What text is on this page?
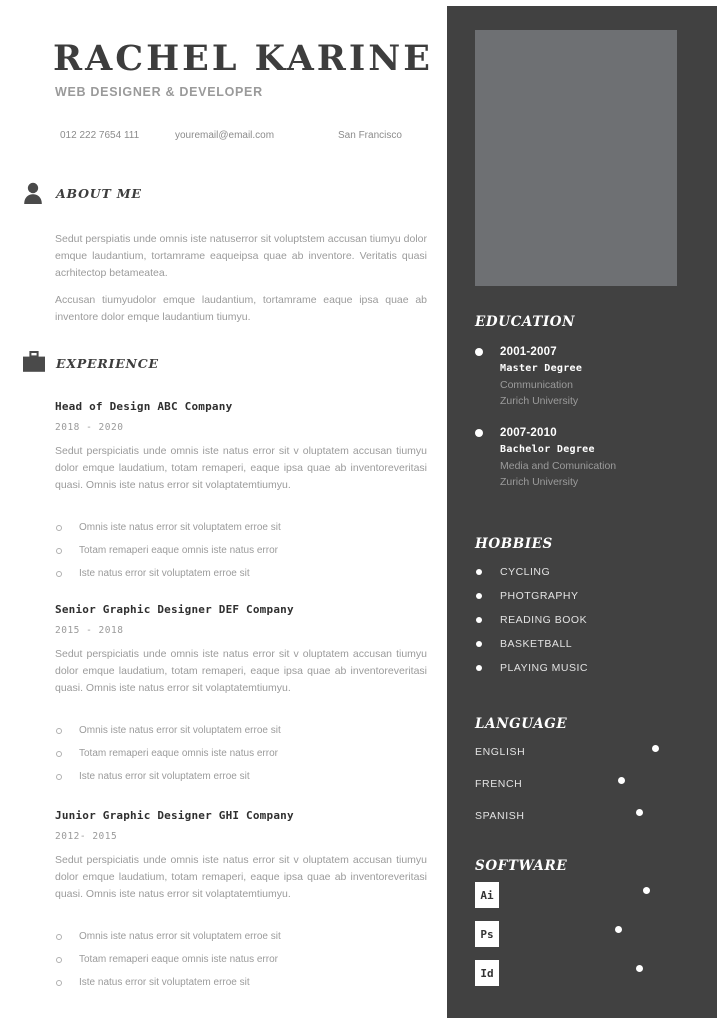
RACHEL KARINE
WEB DESIGNER & DEVELOPER
012 222 7654 111	youremail@email.com	San Francisco
ABOUT ME
Sedut perspiatis unde omnis iste natuserror sit voluptstem accusan tiumyu dolor emque laudantium, tortamrame eaqueipsa quae ab inventore. Veritatis quasi acrhitectop betameatea.
Accusan tiumyudolor emque laudantium, tortamrame eaque ipsa quae ab inventore dolor emque laudantium tiumyu.
EXPERIENCE
Head of Design ABC Company
2018 - 2020
Sedut perspiciatis unde omnis iste natus error sit v oluptatem accusan tiumyu dolor emque laudatium, totam remaperi, eaque ipsa quae ab inventoreveritasi quasi. Omnis iste natus error sit volaptatemtiumyu.
Omnis iste natus error sit voluptatem erroe sit
Totam remaperi eaque omnis iste natus error
Iste natus error sit voluptatem erroe sit
Senior Graphic Designer DEF Company
2015 - 2018
Sedut perspiciatis unde omnis iste natus error sit v oluptatem accusan tiumyu dolor emque laudatium, totam remaperi, eaque ipsa quae ab inventoreveritasi quasi. Omnis iste natus error sit volaptatemtiumyu.
Omnis iste natus error sit voluptatem erroe sit
Totam remaperi eaque omnis iste natus error
Iste natus error sit voluptatem erroe sit
Junior Graphic Designer GHI Company
2012- 2015
Sedut perspiciatis unde omnis iste natus error sit v oluptatem accusan tiumyu dolor emque laudatium, totam remaperi, eaque ipsa quae ab inventoreveritasi quasi. Omnis iste natus error sit volaptatemtiumyu.
Omnis iste natus error sit voluptatem erroe sit
Totam remaperi eaque omnis iste natus error
Iste natus error sit voluptatem erroe sit
EDUCATION
2001-2007
Master Degree
Communication
Zurich University
2007-2010
Bachelor Degree
Media and Comunication
Zurich University
HOBBIES
CYCLING
PHOTGRAPHY
READING BOOK
BASKETBALL
PLAYING MUSIC
LANGUAGE
ENGLISH
FRENCH
SPANISH
SOFTWARE
Ai
Ps
Id
